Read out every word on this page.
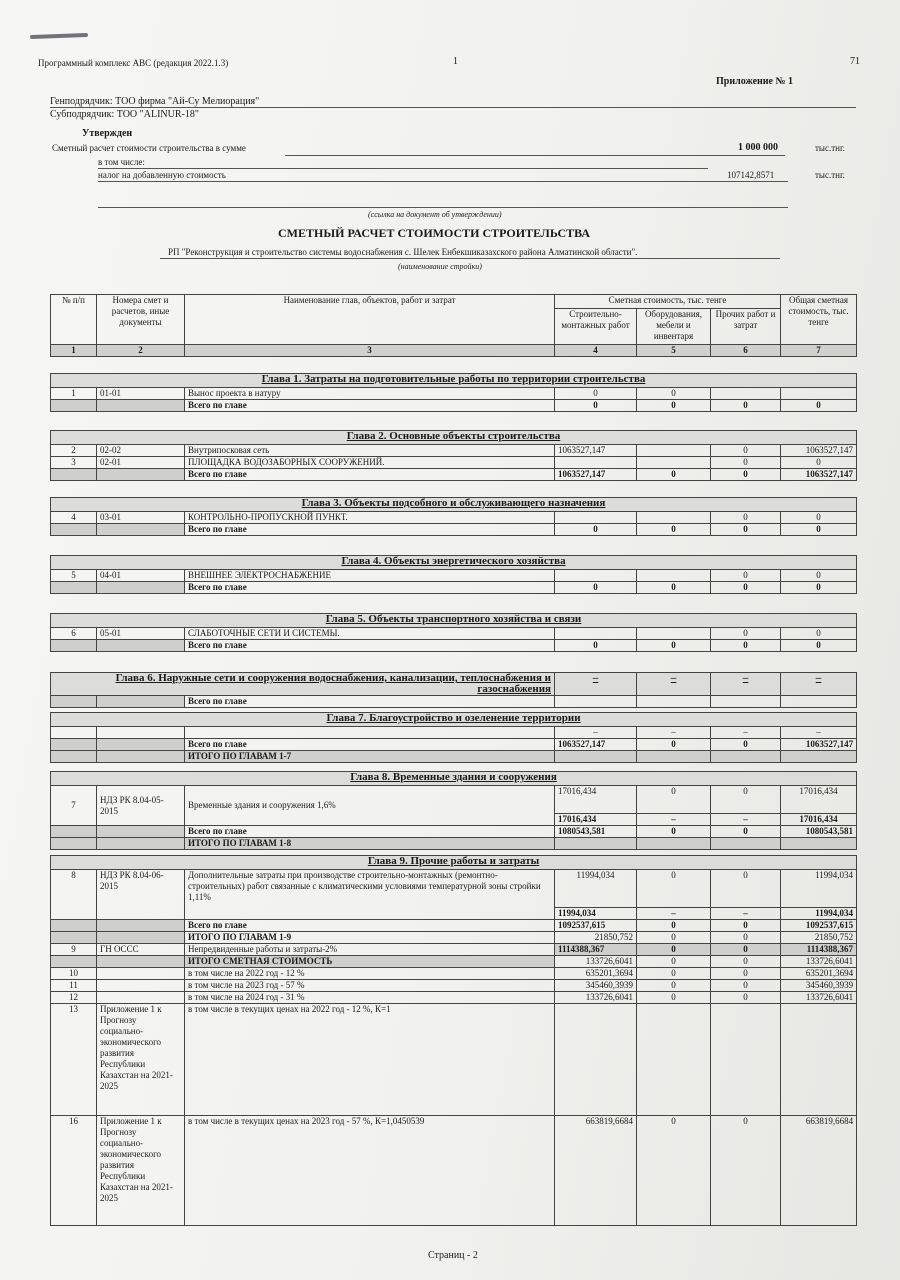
Программный комплекс АВС (редакция 2022.1.3)	1	71
Приложение № 1
Генподрядчик: ТОО фирма "Ай-Су Мелиорация"
Субподрядчик: ТОО "ALINUR-18"
Утвержден
Сметный расчет стоимости строительства в сумме	1 000 000	тыс.тнг.
в том числе:
налог на добавленную стоимость	107142,8571	тыс.тнг.
(ссылка на документ об утверждении)
СМЕТНЫЙ РАСЧЕТ СТОИМОСТИ СТРОИТЕЛЬСТВА
РП "Реконструкция и строительство системы водоснабжения с. Шелек Енбекшиказахского района Алматинской области".
(наименование стройки)
№ п/п	Номера смет и расчетов, иные документы	Наименование глав, объектов, работ и затрат	Сметная стоимость, тыс. тенге			Общая сметная стоимость, тыс. тенге
			Строительно-монтажных работ	Оборудования, мебели и инвентаря	Прочих работ и затрат	
1	2	3	4	5	6	7
Глава 1. Затраты на подготовительные работы по территории строительства						
1	01-01	Вынос проекта в натуру	0	0		
		Всего по главе	0	0	0	0
Глава 2. Основные объекты строительства						
2	02-02	Внутрипосковая сеть	1063527,147		0	1063527,147
3	02-01	ПЛОЩАДКА ВОДОЗАБОРНЫХ СООРУЖЕНИЙ.			0	0
		Всего по главе	1063527,147	0	0	1063527,147
Глава 3. Объекты подсобного и обслуживающего назначения						
4	03-01	КОНТРОЛЬНО-ПРОПУСКНОЙ ПУНКТ.			0	0
		Всего по главе	0	0	0	0
Глава 4. Объекты энергетического хозяйства						
5	04-01	ВНЕШНЕЕ ЭЛЕКТРОСНАБЖЕНИЕ			0	0
		Всего по главе	0	0	0	0
Глава 5. Объекты транспортного хозяйства и связи						
6	05-01	СЛАБОТОЧНЫЕ СЕТИ И СИСТЕМЫ.			0	0
		Всего по главе	0	0	0	0
Глава 6. Наружные сети и сооружения водоснабжения, канализации, теплоснабжения и газоснабжения			–	–	–	–
		Всего по главе				
Глава 7. Благоустройство и озеленение территории						
			–	–	–	–
		Всего по главе	1063527,147	0	0	1063527,147
		ИТОГО ПО ГЛАВАМ 1-7				
Глава 8. Временные здания и сооружения						
7	НДЗ РК 8.04-05-2015	Временные здания и сооружения 1,6%	17016,434	0	0	17016,434
			17016,434	–	–	17016,434
		Всего по главе	1080543,581	0	0	1080543,581
		ИТОГО ПО ГЛАВАМ 1-8				
Глава 9. Прочие работы и затраты						
8	НДЗ РК 8.04-06-2015	Дополнительные затраты при производстве строительно-монтажных (ремонтно-строительных) работ связанные с климатическими условиями температурной зоны стройки 1,11%	11994,034	0	0	11994,034
			11994,034	–	–	11994,034
		Всего по главе	1092537,615	0	0	1092537,615
		ИТОГО ПО ГЛАВАМ 1-9	21850,752	0	0	21850,752
9	ГН ОССС	Непредвиденные работы и затраты-2%	1114388,367	0	0	1114388,367
		ИТОГО СМЕТНАЯ СТОИМОСТЬ	133726,6041	0	0	133726,6041
10		в том числе на 2022 год - 12 %	635201,3694	0	0	635201,3694
11		в том числе на 2023 год - 57 %	345460,3939	0	0	345460,3939
12		в том числе на 2024 год - 31 %	133726,6041	0	0	133726,6041
13	Приложение 1 к Прогнозу социально-экономического развития Республики Казахстан на 2021-2025	в том числе в текущих ценах на 2022 год - 12 %, К=1				
16	Приложение 1 к Прогнозу социально-экономического развития Республики Казахстан на 2021-2025	в том числе в текущих ценах на 2023 год - 57 %, К=1,0450539	663819,6684	0	0	663819,6684
Страниц - 2
